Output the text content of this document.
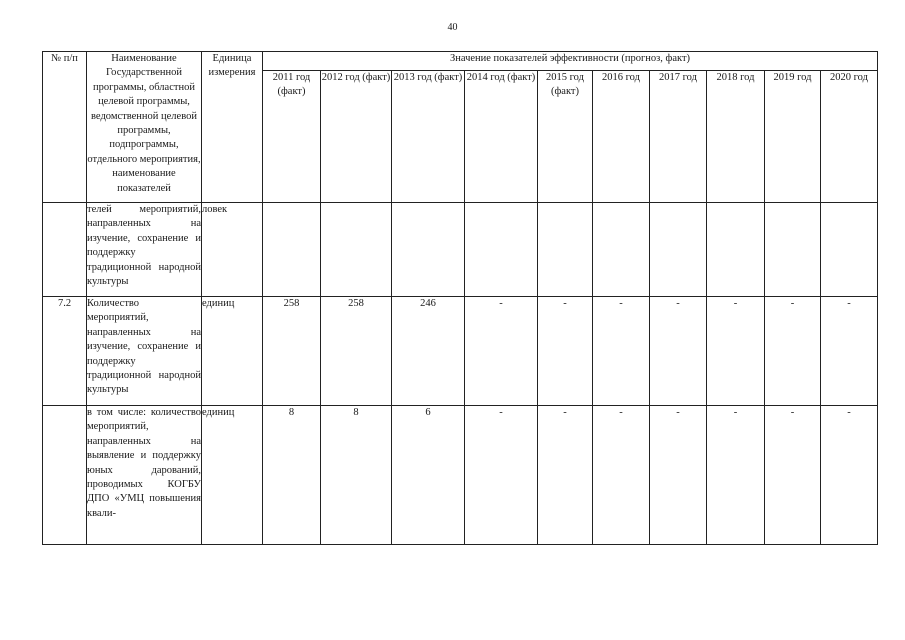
40
№ п/п	Наименование Государственной программы, областной целевой программы, ведомственной целевой программы, подпрограммы, отдельного мероприятия, наименование показателей	Единица измерения	Значение показателей эффективности (прогноз, факт)									
			2011 год (факт)	2012 год (факт)	2013 год (факт)	2014 год (факт)	2015 год (факт)	2016 год	2017 год	2018 год	2019 год	2020 год
	телей мероприятий, направленных на изучение, сохранение и поддержку традиционной народной культуры	ловек										
7.2	Количество мероприятий, направленных на изучение, сохранение и поддержку традиционной народной культуры	единиц	258	258	246	-	-	-	-	-	-	-
	в том числе: количество мероприятий, направленных на выявление и поддержку юных дарований, проводимых КОГБУ ДПО «УМЦ повышения квали-	единиц	8	8	6	-	-	-	-	-	-	-
